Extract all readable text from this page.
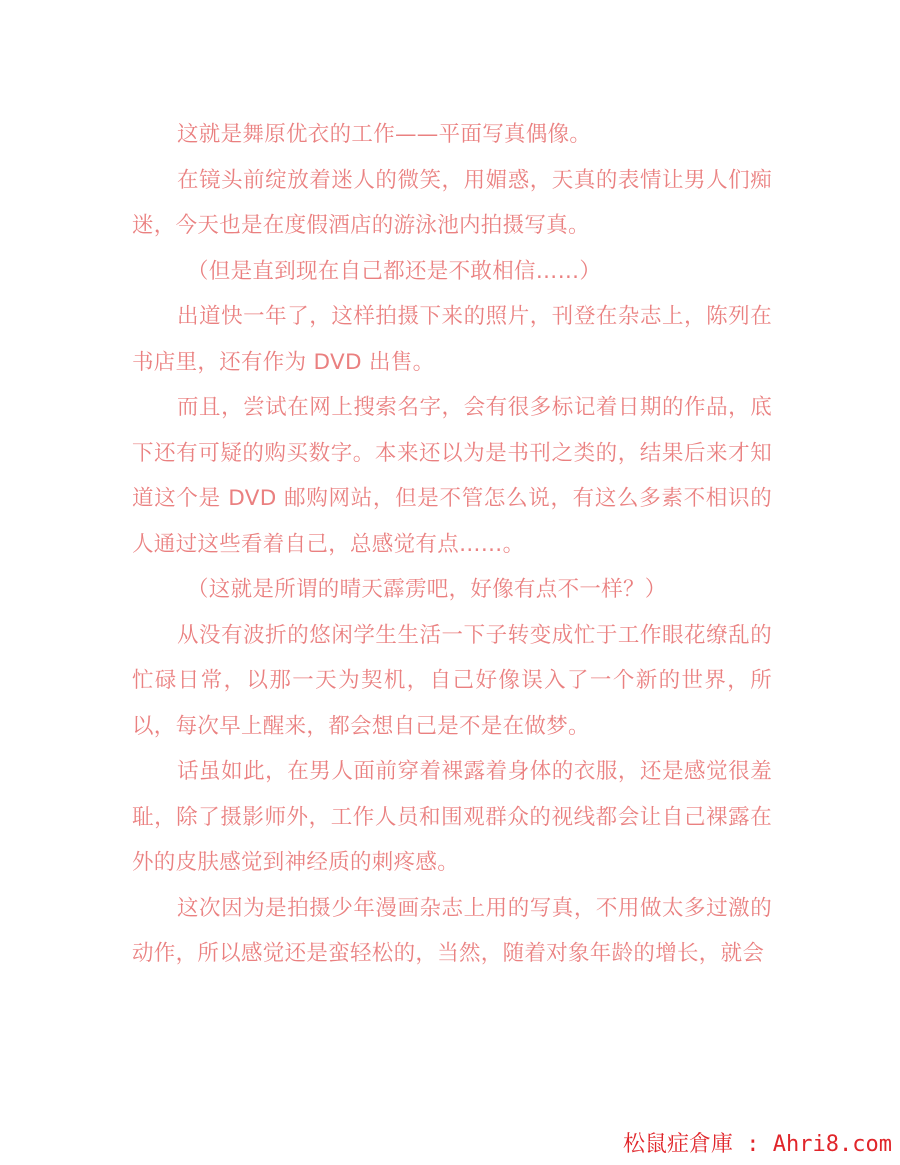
这就是舞原优衣的工作——平面写真偶像。

在镜头前绽放着迷人的微笑，用媚惑，天真的表情让男人们痴迷，今天也是在度假酒店的游泳池内拍摄写真。

（但是直到现在自己都还是不敢相信……）

出道快一年了，这样拍摄下来的照片，刊登在杂志上，陈列在书店里，还有作为 DVD 出售。

而且，尝试在网上搜索名字，会有很多标记着日期的作品，底下还有可疑的购买数字。本来还以为是书刊之类的，结果后来才知道这个是 DVD 邮购网站，但是不管怎么说，有这么多素不相识的人通过这些看着自己，总感觉有点……。

（这就是所谓的晴天霹雳吧，好像有点不一样？）

从没有波折的悠闲学生生活一下子转变成忙于工作眼花缭乱的忙碌日常，以那一天为契机，自己好像误入了一个新的世界，所以，每次早上醒来，都会想自己是不是在做梦。

话虽如此，在男人面前穿着裸露着身体的衣服，还是感觉很羞耻，除了摄影师外，工作人员和围观群众的视线都会让自己裸露在外的皮肤感觉到神经质的刺疼感。

这次因为是拍摄少年漫画杂志上用的写真，不用做太多过激的动作，所以感觉还是蛮轻松的，当然，随着对象年龄的增长，就会

松鼠症倉庫 : Ahri8.com
